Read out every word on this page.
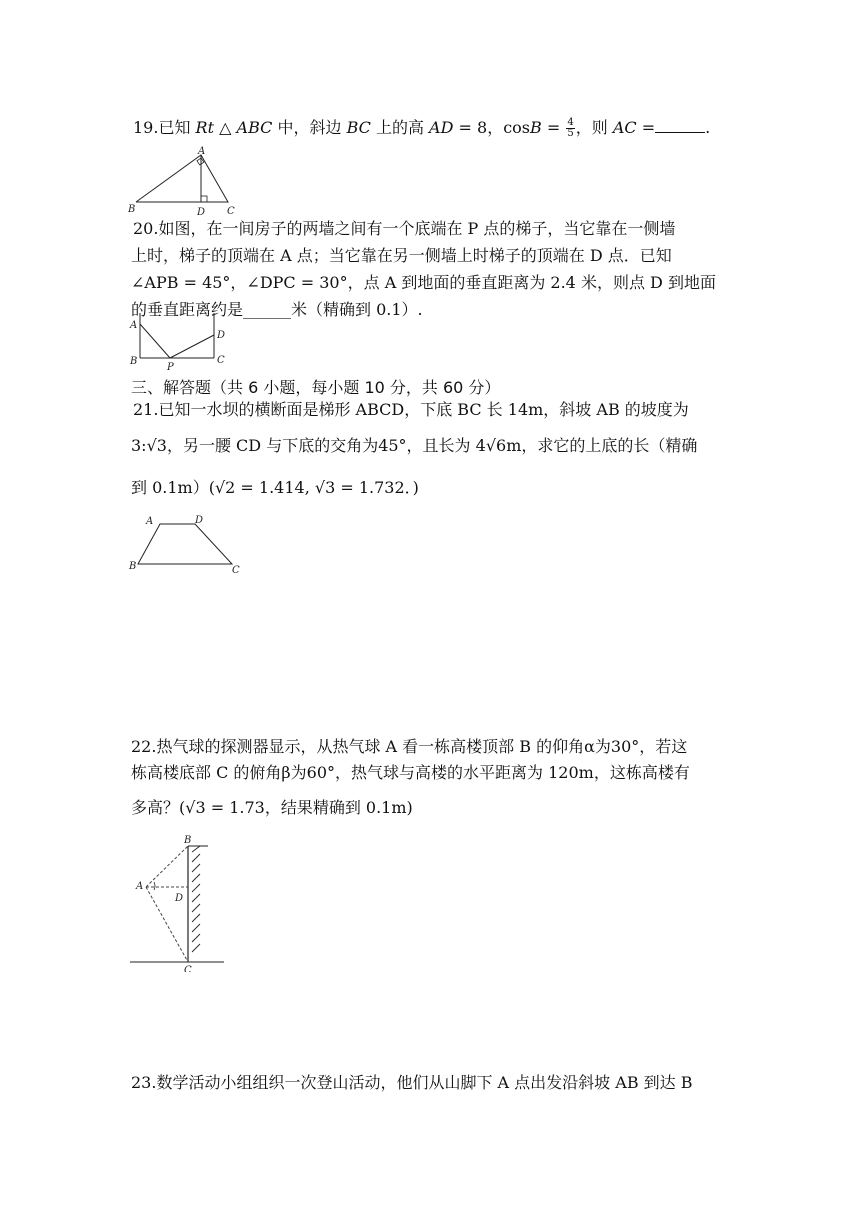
19.已知 Rt △ ABC 中，斜边 BC 上的高 AD = 8，$\cos B = \frac{4}{5}$ ，则 AC =	.
A
B	D C
20.如图，在一间房子的两墙之间有一个底端在 P 点的梯子，当它靠在一侧墙
上时，梯子的顶端在 A 点；当它靠在另一侧墙上时梯子的顶端在 D 点．已知
∠APB = 45°，∠DPC = 30°，点 A 到地面的垂直距离为 2.4 米，则点 D 到地面
的垂直距离约是______米（精确到 0.1）.
A
D
B	C
P
三、解答题（共 6 小题，每小题 10 分，共 60 分）
21.已知一水坝的横断面是梯形 ABCD，下底 BC 长 14m，斜坡 AB 的坡度为
3:√3，另一腰 CD 与下底的交角为45°，且长为 4√6m，求它的上底的长（精确
到 0.1m）(√2 = 1.414, √3 = 1.732．)
A	D
B	C
22.热气球的探测器显示，从热气球 A 看一栋高楼顶部 B 的仰角α为30°，若这
栋高楼底部 C 的俯角β为60°，热气球与高楼的水平距离为 120m，这栋高楼有
多高？(√3 = 1.73，结果精确到 0.1m)
A
B
D
C
23.数学活动小组组织一次登山活动，他们从山脚下 A 点出发沿斜坡 AB 到达 B
